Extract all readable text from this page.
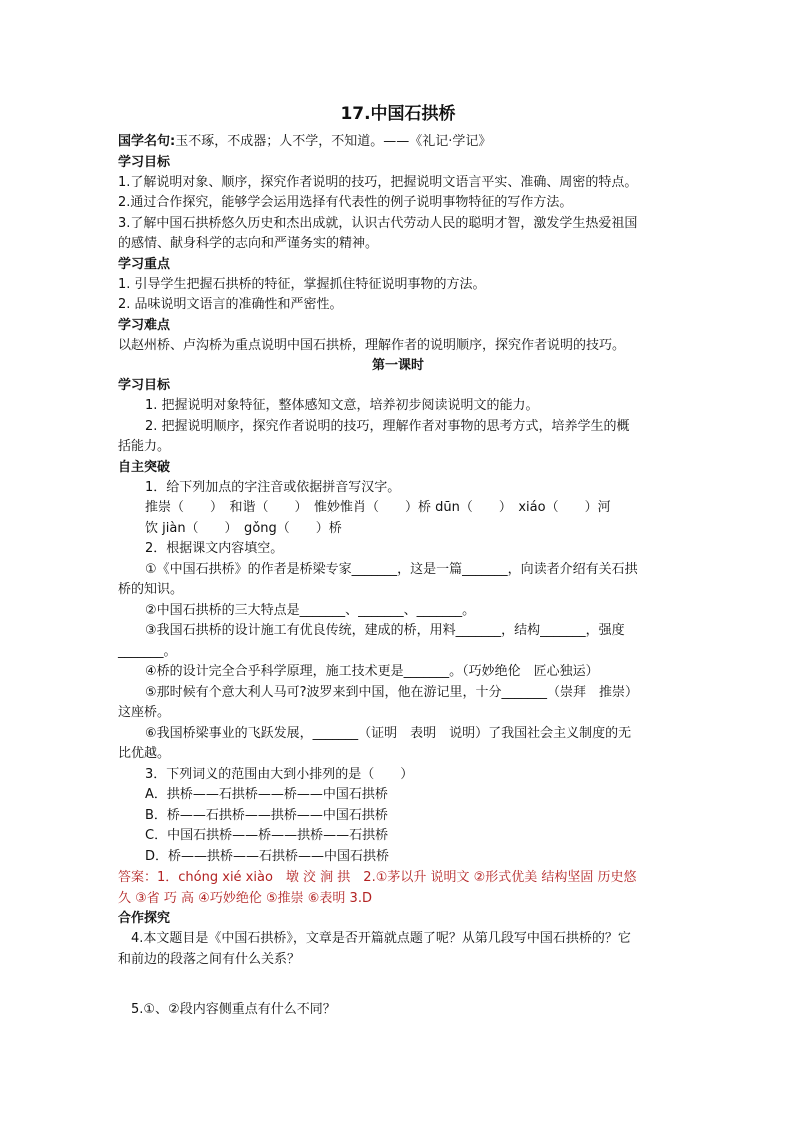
17.中国石拱桥
国学名句:玉不琢，不成器；人不学，不知道。——《礼记·学记》
学习目标
1.了解说明对象、顺序，探究作者说明的技巧，把握说明文语言平实、准确、周密的特点。
2.通过合作探究，能够学会运用选择有代表性的例子说明事物特征的写作方法。
3.了解中国石拱桥悠久历史和杰出成就，认识古代劳动人民的聪明才智，激发学生热爱祖国
的感情、献身科学的志向和严谨务实的精神。
学习重点
1. 引导学生把握石拱桥的特征，掌握抓住特征说明事物的方法。
2. 品味说明文语言的准确性和严密性。
学习难点
以赵州桥、卢沟桥为重点说明中国石拱桥，理解作者的说明顺序，探究作者说明的技巧。
第一课时
学习目标
1. 把握说明对象特征，整体感知文意，培养初步阅读说明文的能力。
2. 把握说明顺序，探究作者说明的技巧，理解作者对事物的思考方式，培养学生的概
括能力。
自主突破
1．给下列加点的字注音或依据拼音写汉字。
推崇（　　）　和谐（　　）　惟妙惟肖（　　）桥 dūn（　　）　xiáo（　　）河
饮 jiàn（　　）　gǒng（　　）桥
2．根据课文内容填空。
①《中国石拱桥》的作者是桥梁专家_______，这是一篇_______，向读者介绍有关石拱
桥的知识。
②中国石拱桥的三大特点是_______、_______、_______。
③我国石拱桥的设计施工有优良传统，建成的桥，用料_______，结构_______，强度
_______。
④桥的设计完全合乎科学原理，施工技术更是_______。（巧妙绝伦　匠心独运）
⑤那时候有个意大利人马可?波罗来到中国，他在游记里，十分_______（崇拜　推崇）
这座桥。
⑥我国桥梁事业的飞跃发展，_______（证明　表明　说明）了我国社会主义制度的无
比优越。
3．下列词义的范围由大到小排列的是（　　）
A．拱桥——石拱桥——桥——中国石拱桥
B．桥——石拱桥——拱桥——中国石拱桥
C．中国石拱桥——桥——拱桥——石拱桥
D．桥——拱桥——石拱桥——中国石拱桥
答案：1．chóng xié xiào　墩 洨 涧 拱　2.①茅以升 说明文 ②形式优美 结构坚固 历史悠
久 ③省 巧 高 ④巧妙绝伦 ⑤推崇 ⑥表明 3.D
合作探究
4.本文题目是《中国石拱桥》，文章是否开篇就点题了呢？从第几段写中国石拱桥的？它
和前边的段落之间有什么关系？
5.①、②段内容侧重点有什么不同？
